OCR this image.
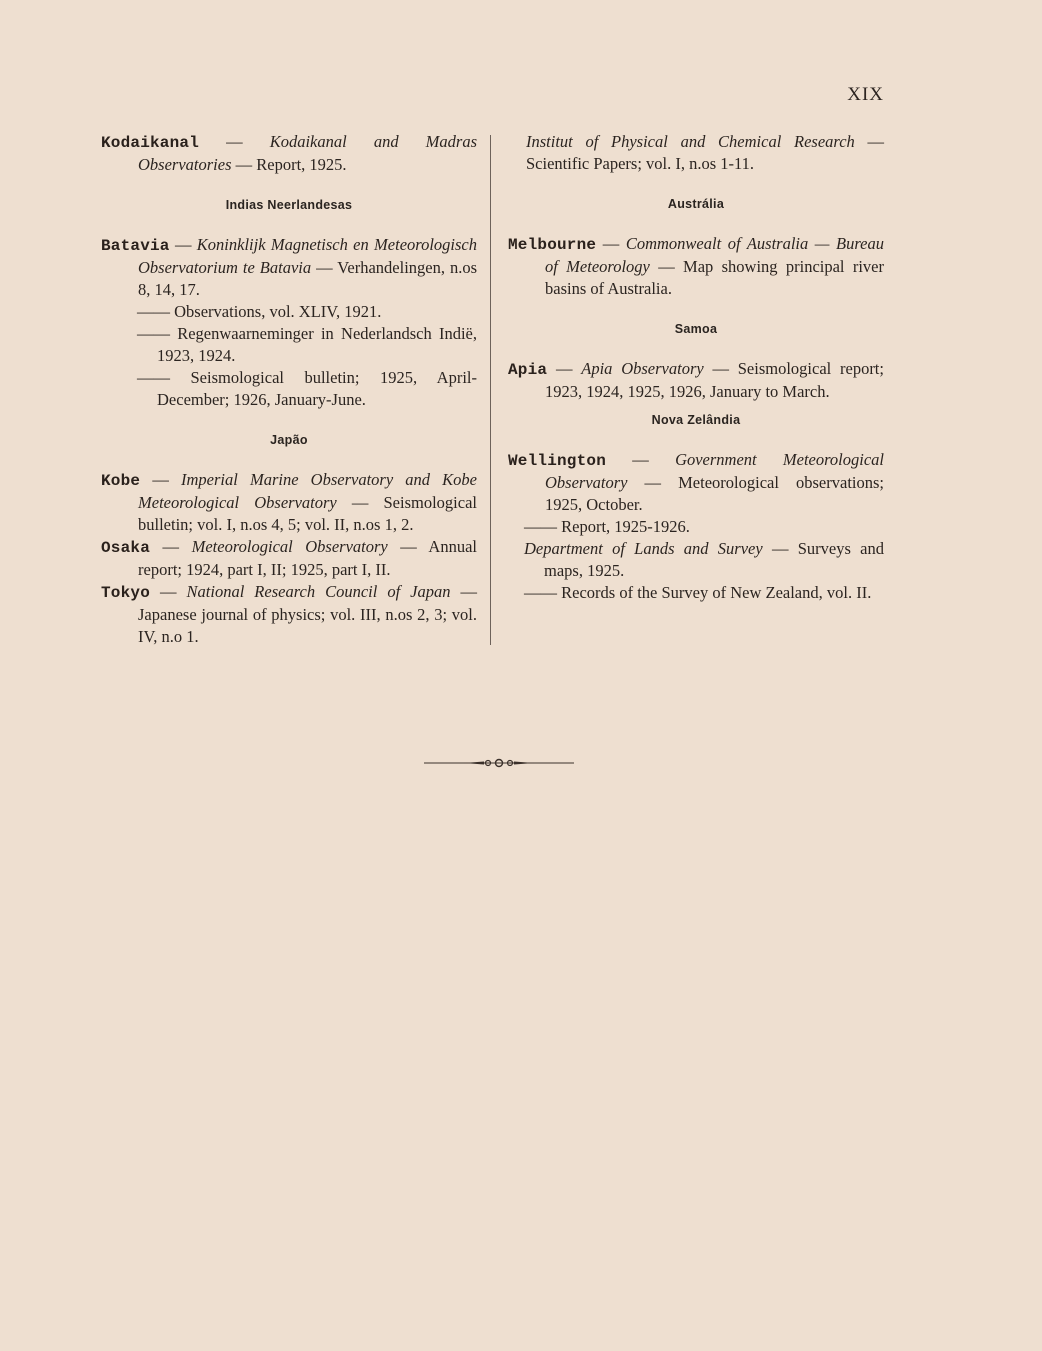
XIX

Kodaikanal — Kodaikanal and Madras Observatories — Report, 1925.

Indias Neerlandesas

Batavia — Koninklijk Magnetisch en Meteorologisch Observatorium te Batavia — Verhandelingen, n.os 8, 14, 17.

—— Observations, vol. XLIV, 1921.

—— Regenwaarneminger in Nederlandsch Indië, 1923, 1924.

—— Seismological bulletin; 1925, April-December; 1926, January-June.

Japão

Kobe — Imperial Marine Observatory and Kobe Meteorological Observatory — Seismological bulletin; vol. I, n.os 4, 5; vol. II, n.os 1, 2.

Osaka — Meteorological Observatory — Annual report; 1924, part I, II; 1925, part I, II.

Tokyo — National Research Council of Japan — Japanese journal of physics; vol. III, n.os 2, 3; vol. IV, n.o 1.

Institut of Physical and Chemical Research — Scientific Papers; vol. I, n.os 1-11.

Austrália

Melbourne — Commonwealt of Australia — Bureau of Meteorology — Map showing principal river basins of Australia.

Samoa

Apia — Apia Observatory — Seismological report; 1923, 1924, 1925, 1926, January to March.

Nova Zelândia

Wellington — Government Meteorological Observatory — Meteorological observations; 1925, October.

—— Report, 1925-1926.

Department of Lands and Survey — Surveys and maps, 1925.

—— Records of the Survey of New Zealand, vol. II.
